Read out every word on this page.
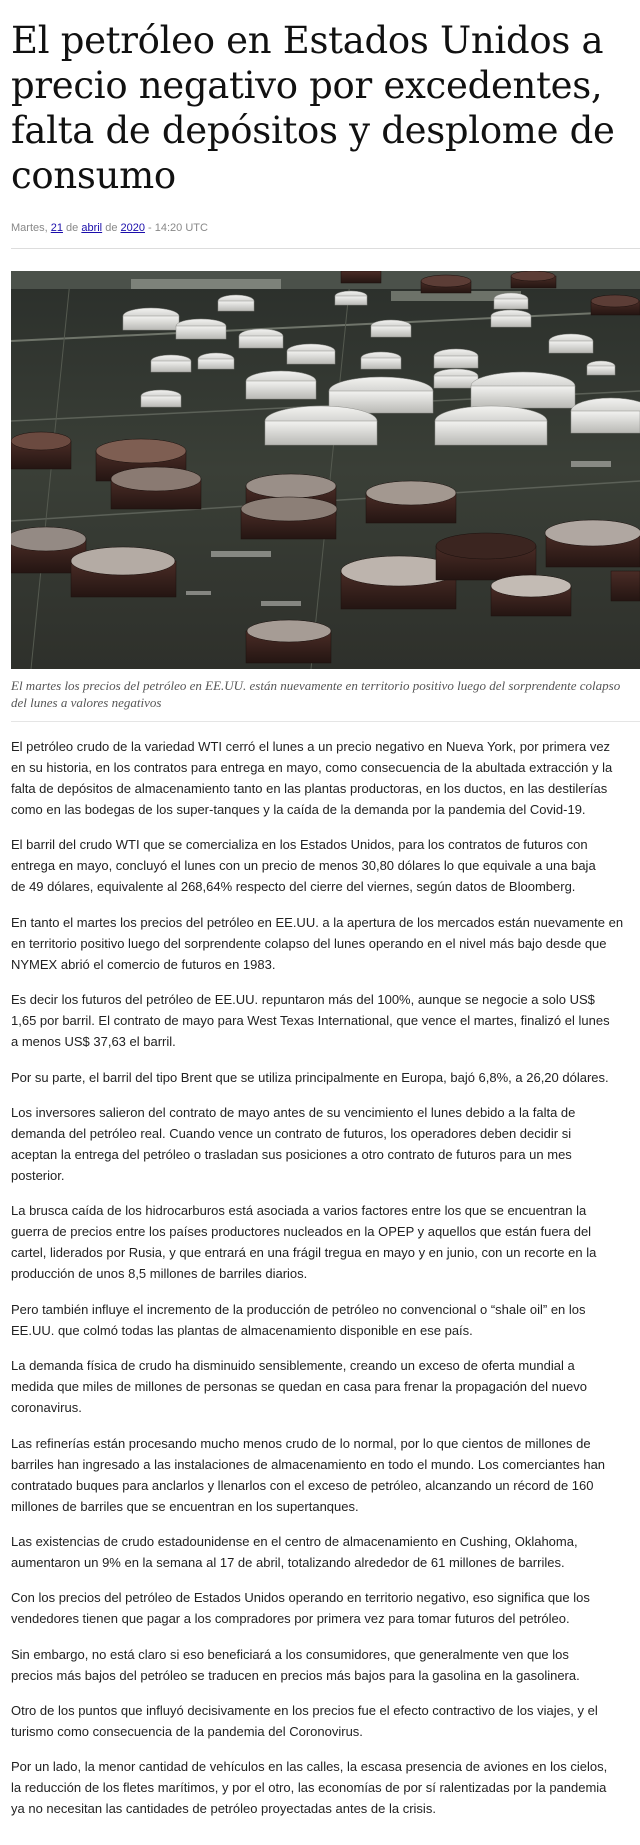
El petróleo en Estados Unidos a precio negativo por excedentes, falta de depósitos y desplome de consumo
Martes, 21 de abril de 2020 - 14:20 UTC
El martes los precios del petróleo en EE.UU. están nuevamente en territorio positivo luego del sorprendente colapso del lunes a valores negativos

El petróleo crudo de la variedad WTI cerró el lunes a un precio negativo en Nueva York, por primera vez
en su historia, en los contratos para entrega en mayo, como consecuencia de la abultada extracción y la
falta de depósitos de almacenamiento tanto en las plantas productoras, en los ductos, en las destilerías
como en las bodegas de los super-tanques y la caída de la demanda por la pandemia del Covid-19.

El barril del crudo WTI que se comercializa en los Estados Unidos, para los contratos de futuros con
entrega en mayo, concluyó el lunes con un precio de menos 30,80 dólares lo que equivale a una baja
de 49 dólares, equivalente al 268,64% respecto del cierre del viernes, según datos de Bloomberg.

En tanto el martes los precios del petróleo en EE.UU. a la apertura de los mercados están nuevamente en
en territorio positivo luego del sorprendente colapso del lunes operando en el nivel más bajo desde que
NYMEX abrió el comercio de futuros en 1983.

Es decir los futuros del petróleo de EE.UU. repuntaron más del 100%, aunque se negocie a solo US$
1,65 por barril. El contrato de mayo para West Texas International, que vence el martes, finalizó el lunes
a menos US$ 37,63 el barril.

Por su parte, el barril del tipo Brent que se utiliza principalmente en Europa, bajó 6,8%, a 26,20 dólares.

Los inversores salieron del contrato de mayo antes de su vencimiento el lunes debido a la falta de
demanda del petróleo real. Cuando vence un contrato de futuros, los operadores deben decidir si
aceptan la entrega del petróleo o trasladan sus posiciones a otro contrato de futuros para un mes
posterior.

La brusca caída de los hidrocarburos está asociada a varios factores entre los que se encuentran la
guerra de precios entre los países productores nucleados en la OPEP y aquellos que están fuera del
cartel, liderados por Rusia, y que entrará en una frágil tregua en mayo y en junio, con un recorte en la
producción de unos 8,5 millones de barriles diarios.

Pero también influye el incremento de la producción de petróleo no convencional o “shale oil” en los
EE.UU. que colmó todas las plantas de almacenamiento disponible en ese país.

La demanda física de crudo ha disminuido sensiblemente, creando un exceso de oferta mundial a
medida que miles de millones de personas se quedan en casa para frenar la propagación del nuevo
coronavirus.

Las refinerías están procesando mucho menos crudo de lo normal, por lo que cientos de millones de
barriles han ingresado a las instalaciones de almacenamiento en todo el mundo. Los comerciantes han
contratado buques para anclarlos y llenarlos con el exceso de petróleo, alcanzando un récord de 160
millones de barriles que se encuentran en los supertanques.

Las existencias de crudo estadounidense en el centro de almacenamiento en Cushing, Oklahoma,
aumentaron un 9% en la semana al 17 de abril, totalizando alrededor de 61 millones de barriles.

Con los precios del petróleo de Estados Unidos operando en territorio negativo, eso significa que los
vendedores tienen que pagar a los compradores por primera vez para tomar futuros del petróleo.

Sin embargo, no está claro si eso beneficiará a los consumidores, que generalmente ven que los
precios más bajos del petróleo se traducen en precios más bajos para la gasolina en la gasolinera.

Otro de los puntos que influyó decisivamente en los precios fue el efecto contractivo de los viajes, y el
turismo como consecuencia de la pandemia del Coronovirus.

Por un lado, la menor cantidad de vehículos en las calles, la escasa presencia de aviones en los cielos,
la reducción de los fletes marítimos, y por el otro, las economías de por sí ralentizadas por la pandemia
ya no necesitan las cantidades de petróleo proyectadas antes de la crisis.
